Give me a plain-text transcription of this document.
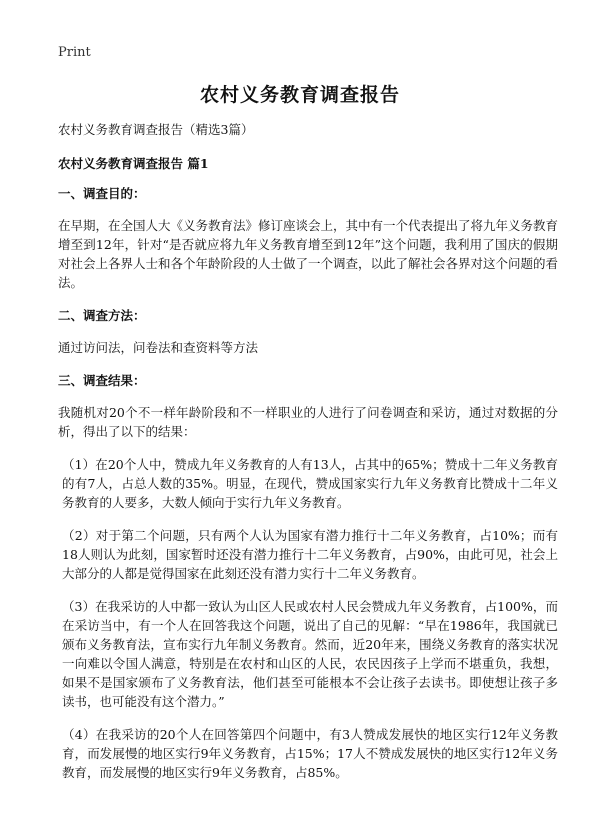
Print
农村义务教育调查报告

农村义务教育调查报告（精选3篇）

农村义务教育调查报告 篇1

一、调查目的：

在早期，在全国人大《义务教育法》修订座谈会上，其中有一个代表提出了将九年义务教育增至到12年，针对“是否就应将九年义务教育增至到12年”这个问题，我利用了国庆的假期对社会上各界人士和各个年龄阶段的人士做了一个调查，以此了解社会各界对这个问题的看法。

二、调查方法：

通过访问法，问卷法和查资料等方法

三、调查结果：

我随机对20个不一样年龄阶段和不一样职业的人进行了问卷调查和采访，通过对数据的分析，得出了以下的结果：

（1）在20个人中，赞成九年义务教育的人有13人，占其中的65%；赞成十二年义务教育的有7人，占总人数的35%。明显，在现代，赞成国家实行九年义务教育比赞成十二年义务教育的人要多，大数人倾向于实行九年义务教育。

（2）对于第二个问题，只有两个人认为国家有潜力推行十二年义务教育，占10%；而有18人则认为此刻，国家暂时还没有潜力推行十二年义务教育，占90%，由此可见，社会上大部分的人都是觉得国家在此刻还没有潜力实行十二年义务教育。

（3）在我采访的人中都一致认为山区人民或农村人民会赞成九年义务教育，占100%，而在采访当中，有一个人在回答我这个问题，说出了自己的见解：“早在1986年，我国就已颁布义务教育法，宣布实行九年制义务教育。然而，近20年来，围绕义务教育的落实状况一向难以令国人满意，特别是在农村和山区的人民，农民因孩子上学而不堪重负，我想，如果不是国家颁布了义务教育法，他们甚至可能根本不会让孩子去读书。即使想让孩子多读书，也可能没有这个潜力。”

（4）在我采访的20个人在回答第四个问题中，有3人赞成发展快的地区实行12年义务教育，而发展慢的地区实行9年义务教育，占15%；17人不赞成发展快的地区实行12年义务教育，而发展慢的地区实行9年义务教育，占85%。
